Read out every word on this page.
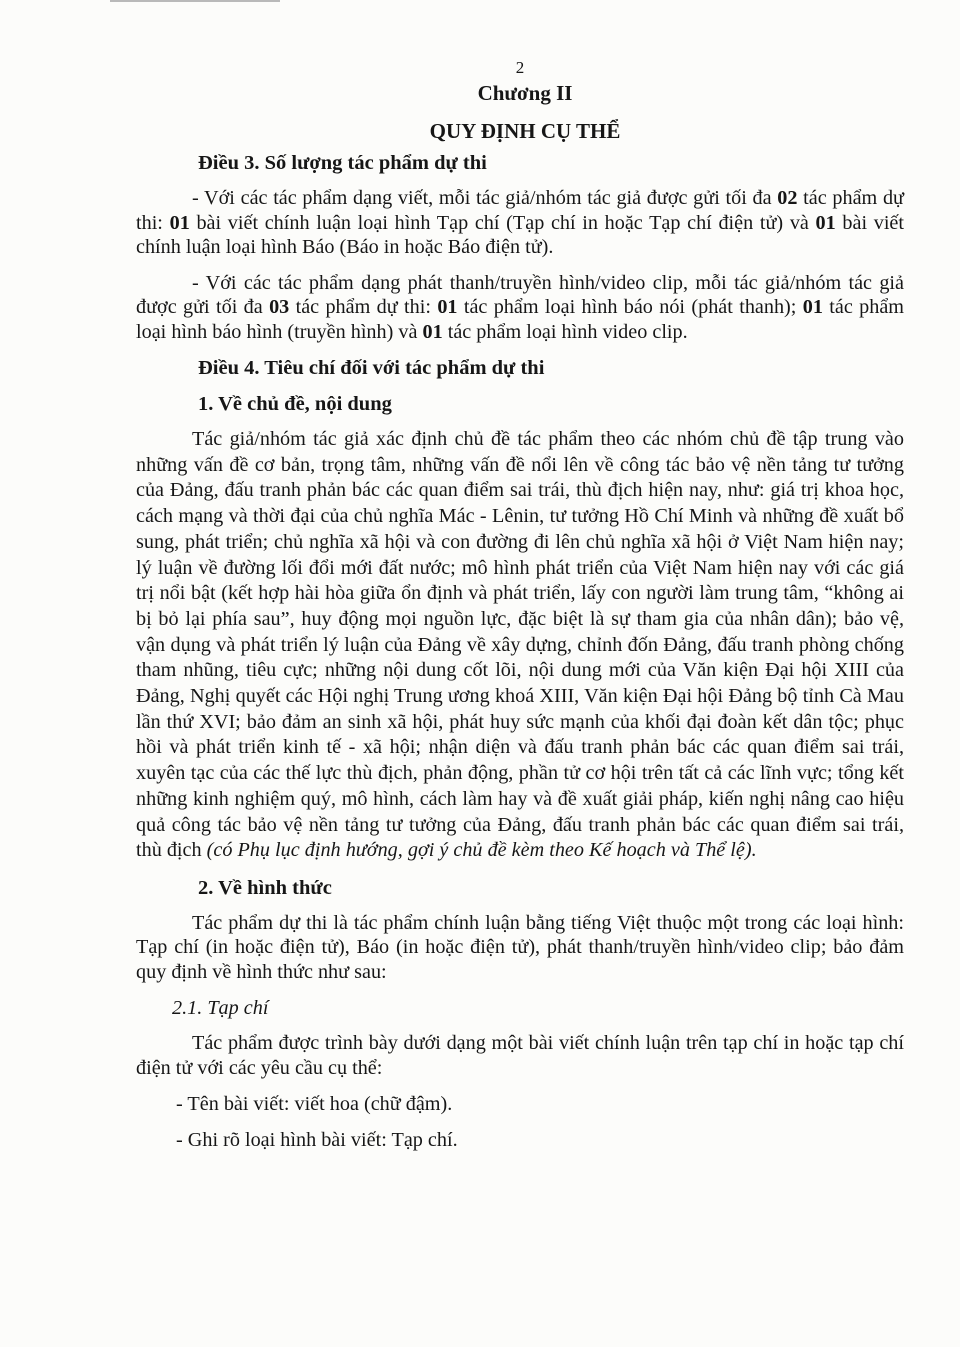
2
Chương II
QUY ĐỊNH CỤ THỂ
Điều 3. Số lượng tác phẩm dự thi

- Với các tác phẩm dạng viết, mỗi tác giả/nhóm tác giả được gửi tối đa 02 tác phẩm dự thi: 01 bài viết chính luận loại hình Tạp chí (Tạp chí in hoặc Tạp chí điện tử) và 01 bài viết chính luận loại hình Báo (Báo in hoặc Báo điện tử).

- Với các tác phẩm dạng phát thanh/truyền hình/video clip, mỗi tác giả/nhóm tác giả được gửi tối đa 03 tác phẩm dự thi: 01 tác phẩm loại hình báo nói (phát thanh); 01 tác phẩm loại hình báo hình (truyền hình) và 01 tác phẩm loại hình video clip.

Điều 4. Tiêu chí đối với tác phẩm dự thi
1. Về chủ đề, nội dung

Tác giả/nhóm tác giả xác định chủ đề tác phẩm theo các nhóm chủ đề tập trung vào những vấn đề cơ bản, trọng tâm, những vấn đề nổi lên về công tác bảo vệ nền tảng tư tưởng của Đảng, đấu tranh phản bác các quan điểm sai trái, thù địch hiện nay, như: giá trị khoa học, cách mạng và thời đại của chủ nghĩa Mác - Lênin, tư tưởng Hồ Chí Minh và những đề xuất bổ sung, phát triển; chủ nghĩa xã hội và con đường đi lên chủ nghĩa xã hội ở Việt Nam hiện nay; lý luận về đường lối đổi mới đất nước; mô hình phát triển của Việt Nam hiện nay với các giá trị nổi bật (kết hợp hài hòa giữa ổn định và phát triển, lấy con người làm trung tâm, “không ai bị bỏ lại phía sau”, huy động mọi nguồn lực, đặc biệt là sự tham gia của nhân dân); bảo vệ, vận dụng và phát triển lý luận của Đảng về xây dựng, chỉnh đốn Đảng, đấu tranh phòng chống tham nhũng, tiêu cực; những nội dung cốt lõi, nội dung mới của Văn kiện Đại hội XIII của Đảng, Nghị quyết các Hội nghị Trung ương khoá XIII, Văn kiện Đại hội Đảng bộ tỉnh Cà Mau lần thứ XVI; bảo đảm an sinh xã hội, phát huy sức mạnh của khối đại đoàn kết dân tộc; phục hồi và phát triển kinh tế - xã hội; nhận diện và đấu tranh phản bác các quan điểm sai trái, xuyên tạc của các thế lực thù địch, phản động, phần tử cơ hội trên tất cả các lĩnh vực; tổng kết những kinh nghiệm quý, mô hình, cách làm hay và đề xuất giải pháp, kiến nghị nâng cao hiệu quả công tác bảo vệ nền tảng tư tưởng của Đảng, đấu tranh phản bác các quan điểm sai trái, thù địch (có Phụ lục định hướng, gợi ý chủ đề kèm theo Kế hoạch và Thể lệ).

2. Về hình thức

Tác phẩm dự thi là tác phẩm chính luận bằng tiếng Việt thuộc một trong các loại hình: Tạp chí (in hoặc điện tử), Báo (in hoặc điện tử), phát thanh/truyền hình/video clip; bảo đảm quy định về hình thức như sau:

2.1. Tạp chí

Tác phẩm được trình bày dưới dạng một bài viết chính luận trên tạp chí in hoặc tạp chí điện tử với các yêu cầu cụ thể:

- Tên bài viết: viết hoa (chữ đậm).
- Ghi rõ loại hình bài viết: Tạp chí.
